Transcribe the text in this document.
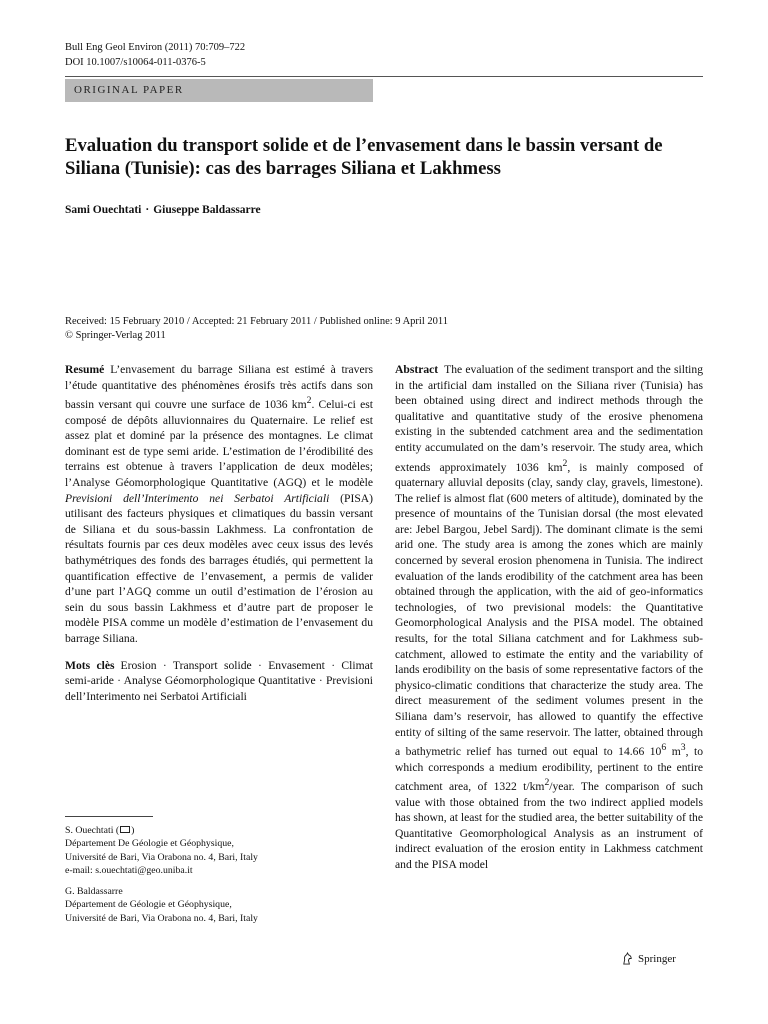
Bull Eng Geol Environ (2011) 70:709–722
DOI 10.1007/s10064-011-0376-5
ORIGINAL PAPER
Evaluation du transport solide et de l’envasement dans le bassin versant de Siliana (Tunisie): cas des barrages Siliana et Lakhmess
Sami Ouechtati · Giuseppe Baldassarre
Received: 15 February 2010 / Accepted: 21 February 2011 / Published online: 9 April 2011
© Springer-Verlag 2011

Resumé L’envasement du barrage Siliana est estimé à travers l’étude quantitative des phénomènes érosifs très actifs dans son bassin versant qui couvre une surface de 1036 $km^2$. Celui-ci est composé de dépôts alluvionnaires du Quaternaire. Le relief est assez plat et dominé par la présence des montagnes. Le climat dominant est de type semi aride. L’estimation de l’érodibilité des terrains est obtenue à travers l’application de deux modèles; l’Analyse Géomorphologique Quantitative (AGQ) et le modèle Previsioni dell’Interimento nei Serbatoi Artificiali (PISA) utilisant des facteurs physiques et climatiques du bassin versant de Siliana et du sous-bassin Lakhmess. La confrontation de résultats fournis par ces deux modèles avec ceux issus des levés bathymétriques des fonds des barrages étudiés, qui permettent la quantification effective de l’envasement, a permis de valider d’une part l’AGQ comme un outil d’estimation de l’érosion au sein du sous bassin Lakhmess et d’autre part de proposer le modèle PISA comme un modèle d’estimation de l’envasement du barrage Siliana.

Mots clès Erosion · Transport solide · Envasement · Climat semi-aride · Analyse Géomorphologique Quantitative · Previsioni dell’Interimento nei Serbatoi Artificiali

S. Ouechtati ( )
Département De Géologie et Géophysique,
Université de Bari, Via Orabona no. 4, Bari, Italy
e-mail: s.ouechtati@geo.uniba.it
G. Baldassarre
Département de Géologie et Géophysique,
Université de Bari, Via Orabona no. 4, Bari, Italy

Abstract The evaluation of the sediment transport and the silting in the artificial dam installed on the Siliana river (Tunisia) has been obtained using direct and indirect methods through the qualitative and quantitative study of the erosive phenomena existing in the subtended catchment area and the sedimentation entity accumulated on the dam’s reservoir. The study area, which extends approximately 1036 $km^2$, is mainly composed of quaternary alluvial deposits (clay, sandy clay, gravels, limestone). The relief is almost flat (600 meters of altitude), dominated by the presence of mountains of the Tunisian dorsal (the most elevated are: Jebel Bargou, Jebel Sardj). The dominant climate is the semi arid one. The study area is among the zones which are mainly concerned by several erosion phenomena in Tunisia. The indirect evaluation of the lands erodibility of the catchment area has been obtained through the application, with the aid of geo-informatics technologies, of two previsional models: the Quantitative Geomorphological Analysis and the PISA model. The obtained results, for the total Siliana catchment and for Lakhmess sub-catchment, allowed to estimate the entity and the variability of lands erodibility on the basis of some representative factors of the physico-climatic conditions that characterize the study area. The direct measurement of the sediment volumes present in the Siliana dam’s reservoir, has allowed to quantify the effective entity of silting of the same reservoir. The latter, obtained through a bathymetric relief has turned out equal to 14.66 $10^6$ $m^3$, to which corresponds a medium erodibility, pertinent to the entire catchment area, of 1322 $t/km^2$/year. The comparison of such value with those obtained from the two indirect applied models has shown, at least for the studied area, the better suitability of the Quantitative Geomorphological Analysis as an instrument of indirect evaluation of the erosion entity in Lakhmess catchment and the PISA model

Springer
